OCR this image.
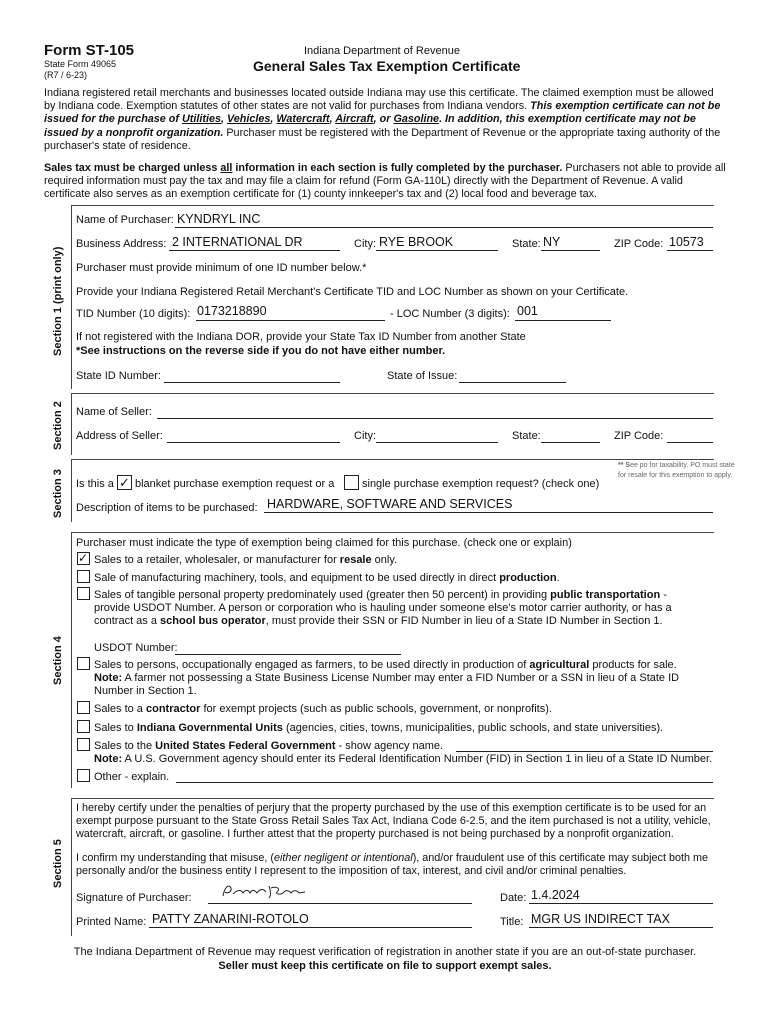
Form ST-105
State Form 49065
(R7 / 6-23)
Indiana Department of Revenue
General Sales Tax Exemption Certificate
Indiana registered retail merchants and businesses located outside Indiana may use this certificate. The claimed exemption must be allowed by Indiana code. Exemption statutes of other states are not valid for purchases from Indiana vendors. This exemption certificate can not be issued for the purchase of Utilities, Vehicles, Watercraft, Aircraft, or Gasoline. In addition, this exemption certificate may not be issued by a nonprofit organization. Purchaser must be registered with the Department of Revenue or the appropriate taxing authority of the purchaser's state of residence.
Sales tax must be charged unless all information in each section is fully completed by the purchaser. Purchasers not able to provide all required information must pay the tax and may file a claim for refund (Form GA-110L) directly with the Department of Revenue. A valid certificate also serves as an exemption certificate for (1) county innkeeper's tax and (2) local food and beverage tax.
Section 1 (print only)
Section 2
Section 3
Section 4
Section 5
Name of Purchaser: KYNDRYL INC
Business Address: 2 INTERNATIONAL DR	City: RYE BROOK	State: NY	ZIP Code: 10573
Purchaser must provide minimum of one ID number below.*
Provide your Indiana Registered Retail Merchant's Certificate TID and LOC Number as shown on your Certificate.
TID Number (10 digits): 0173218890	- LOC Number (3 digits): 001
If not registered with the Indiana DOR, provide your State Tax ID Number from another State
*See instructions on the reverse side if you do not have either number.
State ID Number:	State of Issue:
Name of Seller:
Address of Seller:	City:	State:	ZIP Code:
Is this a ✓ blanket purchase exemption request or a	single purchase exemption request? (check one)
** See po for taxability. PO must state for resale for this exemption to apply.
Description of items to be purchased: HARDWARE, SOFTWARE AND SERVICES
Purchaser must indicate the type of exemption being claimed for this purchase. (check one or explain)
✓ Sales to a retailer, wholesaler, or manufacturer for resale only.
Sale of manufacturing machinery, tools, and equipment to be used directly in direct production.
Sales of tangible personal property predominately used (greater then 50 percent) in providing public transportation - provide USDOT Number. A person or corporation who is hauling under someone else's motor carrier authority, or has a contract as a school bus operator, must provide their SSN or FID Number in lieu of a State ID Number in Section 1.
USDOT Number:
Sales to persons, occupationally engaged as farmers, to be used directly in production of agricultural products for sale.
Note: A farmer not possessing a State Business License Number may enter a FID Number or a SSN in lieu of a State ID Number in Section 1.
Sales to a contractor for exempt projects (such as public schools, government, or nonprofits).
Sales to Indiana Governmental Units (agencies, cities, towns, municipalities, public schools, and state universities).
Sales to the United States Federal Government - show agency name.
Note: A U.S. Government agency should enter its Federal Identification Number (FID) in Section 1 in lieu of a State ID Number.
Other - explain.
I hereby certify under the penalties of perjury that the property purchased by the use of this exemption certificate is to be used for an exempt purpose pursuant to the State Gross Retail Sales Tax Act, Indiana Code 6-2.5, and the item purchased is not a utility, vehicle, watercraft, aircraft, or gasoline. I further attest that the property purchased is not being purchased by a nonprofit organization.
I confirm my understanding that misuse, (either negligent or intentional), and/or fraudulent use of this certificate may subject both me personally and/or the business entity I represent to the imposition of tax, interest, and civil and/or criminal penalties.
Signature of Purchaser:	Date: 1.4.2024
Printed Name: PATTY ZANARINI-ROTOLO	Title: MGR US INDIRECT TAX
The Indiana Department of Revenue may request verification of registration in another state if you are an out-of-state purchaser.
Seller must keep this certificate on file to support exempt sales.
